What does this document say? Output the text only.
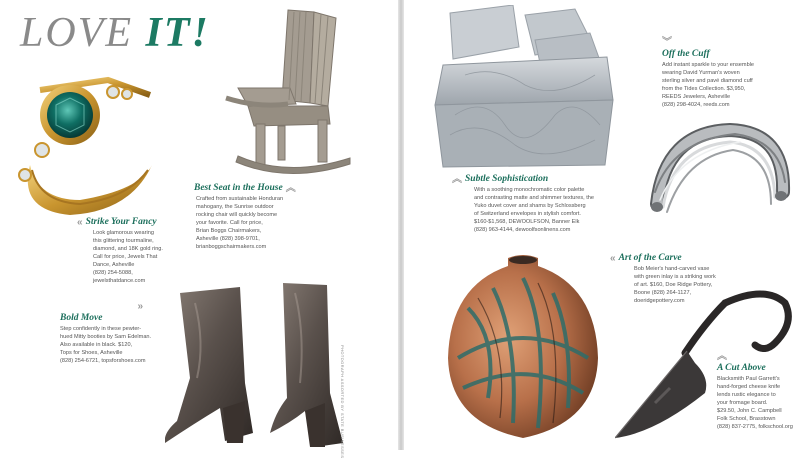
LOVE IT!
« Strike Your Fancy

Look glamorous wearing

this glittering tourmaline,

diamond, and 18K gold ring.

Call for price, Jewels That

Dance, Asheville

(828) 254-5088,

jewelsthatdance.com

Best Seat in the House ︽

Crafted from sustainable Honduran

mahogany, the Sunrise outdoor

rocking chair will quickly become

your favorite. Call for price,

Brian Boggs Chairmakers,

Asheville (828) 398-9701,

brianboggschairmakers.com

»
Bold Move

Step confidently in these pewter-

hued Mitty booties by Sam Edelman.

Also available in black. $120,

Tops for Shoes, Asheville

(828) 254-6721, topsforshoes.com	PHOTOGRAPH ASSORTED BY STATE BUSINESSES
︽ Subtle Sophistication

With a soothing monochromatic color palette

and contrasting matte and shimmer textures, the

Yuko duvet cover and shams by Schlossberg

of Switzerland envelopes in stylish comfort.

$160-$1,568, DEWOOLFSON, Banner Elk

(828) 963-4144, dewoolfsonlinens.com

︾
Off the Cuff

Add instant sparkle to your ensemble

wearing David Yurman's woven

sterling silver and pavé diamond cuff

from the Tides Collection. $3,950,

REEDS Jewelers, Asheville

(828) 298-4024, reeds.com

« Art of the Carve

Bob Meier's hand-carved vase

with green inlay is a striking work

of art. $160, Doe Ridge Pottery,

Boone (828) 264-1127,

doeridgepottery.com

︽
A Cut Above

Blacksmith Paul Garrett's

hand-forged cheese knife

lends rustic elegance to

your fromage board.

$29.50, John C. Campbell

Folk School, Brasstown

(828) 837-2775, folkschool.org
